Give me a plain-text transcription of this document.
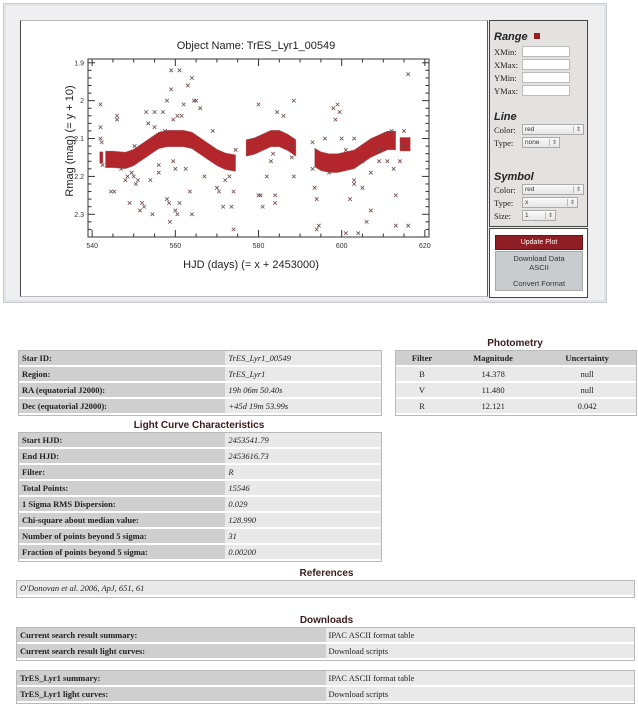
Object Name: TrES_Lyr1_00549
Rmag (mag) (= y + 10)
HJD (days) (= x + 2453000)
540	560	580	600	620
1.9
2
2.1
2.2
2.3
Range
XMin:
XMax:
YMin:
YMax:
Line
Color:	red	⇕
Type:	none	⇕
Symbol
Color:	red	⇕
Type:	x	⇕
Size:	1	⇕
Update Plot
Download Data
ASCII
Convert Format
Star ID:	TrES_Lyr1_00549
Region:	TrES_Lyr1
RA (equatorial J2000):	19h 06m 50.40s
Dec (equatorial J2000):	+45d 19m 53.99s
Photometry
Filter	Magnitude	Uncertainty
B	14.378	null
V	11.480	null
R	12.121	0.042
Light Curve Characteristics
Start HJD:	2453541.79
End HJD:	2453616.73
Filter:	R
Total Points:	15546
1 Sigma RMS Dispersion:	0.029
Chi-square about median value:	128.990
Number of points beyond 5 sigma:	31
Fraction of points beyond 5 sigma:	0.00200
References
O'Donovan et al. 2006, ApJ, 651, 61
Downloads
Current search result summary:	IPAC ASCII format table
Current search result light curves:	Download scripts
TrES_Lyr1 summary:	IPAC ASCII format table
TrES_Lyr1 light curves:	Download scripts
